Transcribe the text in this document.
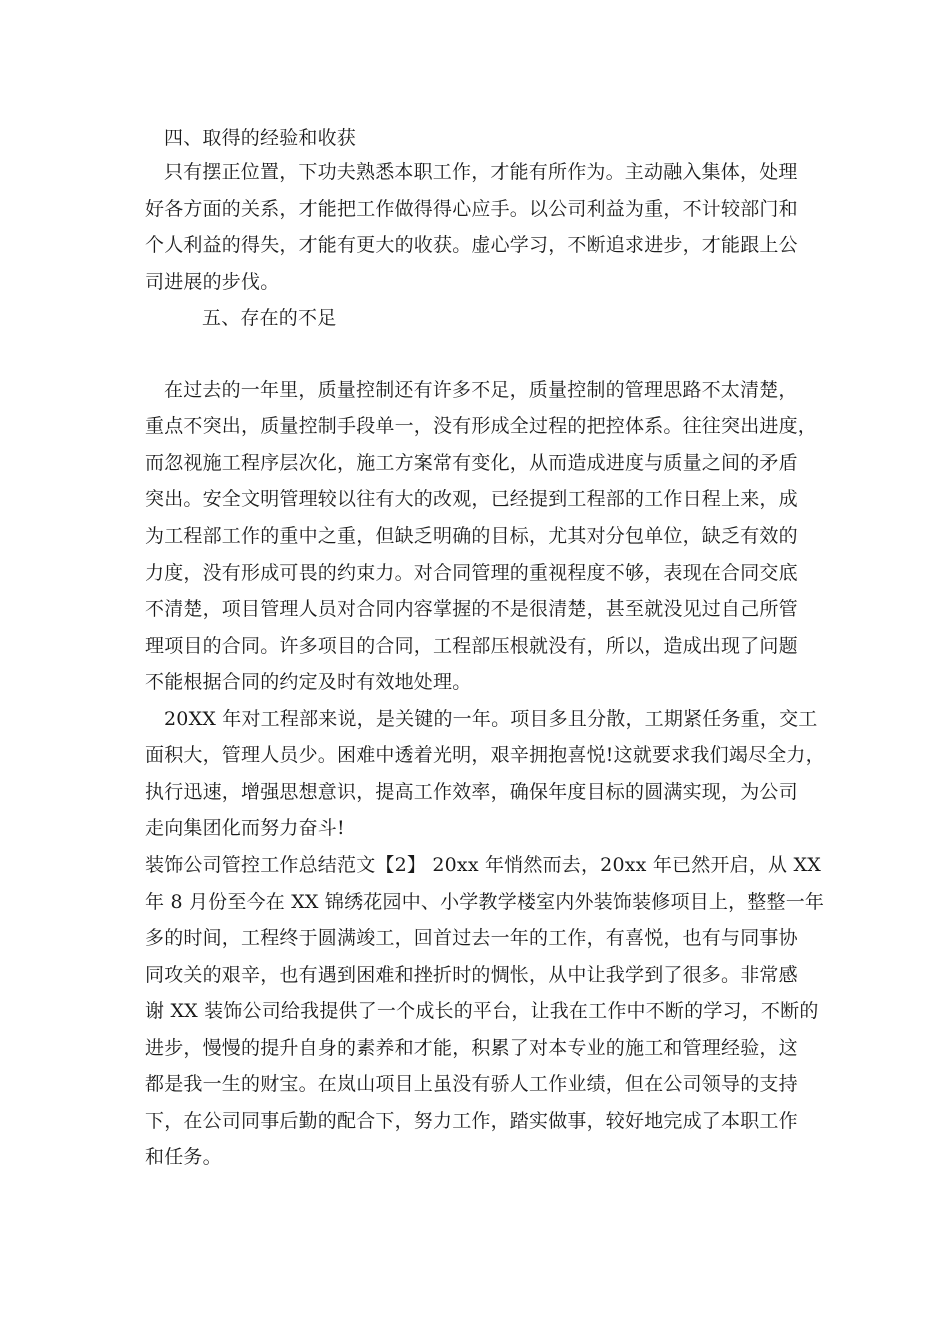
四、取得的经验和收获
只有摆正位置，下功夫熟悉本职工作，才能有所作为。主动融入集体，处理
好各方面的关系，才能把工作做得得心应手。以公司利益为重，不计较部门和
个人利益的得失，才能有更大的收获。虚心学习，不断追求进步，才能跟上公
司进展的步伐。
五、存在的不足
在过去的一年里，质量控制还有许多不足，质量控制的管理思路不太清楚，
重点不突出，质量控制手段单一，没有形成全过程的把控体系。往往突出进度，
而忽视施工程序层次化，施工方案常有变化，从而造成进度与质量之间的矛盾
突出。安全文明管理较以往有大的改观，已经提到工程部的工作日程上来，成
为工程部工作的重中之重，但缺乏明确的目标，尤其对分包单位，缺乏有效的
力度，没有形成可畏的约束力。对合同管理的重视程度不够，表现在合同交底
不清楚，项目管理人员对合同内容掌握的不是很清楚，甚至就没见过自己所管
理项目的合同。许多项目的合同，工程部压根就没有，所以，造成出现了问题
不能根据合同的约定及时有效地处理。
20XX 年对工程部来说，是关键的一年。项目多且分散，工期紧任务重，交工
面积大，管理人员少。困难中透着光明，艰辛拥抱喜悦!这就要求我们竭尽全力，
执行迅速，增强思想意识，提高工作效率，确保年度目标的圆满实现，为公司
走向集团化而努力奋斗!
装饰公司管控工作总结范文【2】 20xx 年悄然而去，20xx 年已然开启，从 XX
年 8 月份至今在 XX 锦绣花园中、小学教学楼室内外装饰装修项目上，整整一年
多的时间，工程终于圆满竣工，回首过去一年的工作，有喜悦，也有与同事协
同攻关的艰辛，也有遇到困难和挫折时的惆怅，从中让我学到了很多。非常感
谢 XX 装饰公司给我提供了一个成长的平台，让我在工作中不断的学习，不断的
进步，慢慢的提升自身的素养和才能，积累了对本专业的施工和管理经验，这
都是我一生的财宝。在岚山项目上虽没有骄人工作业绩，但在公司领导的支持
下，在公司同事后勤的配合下，努力工作，踏实做事，较好地完成了本职工作
和任务。
